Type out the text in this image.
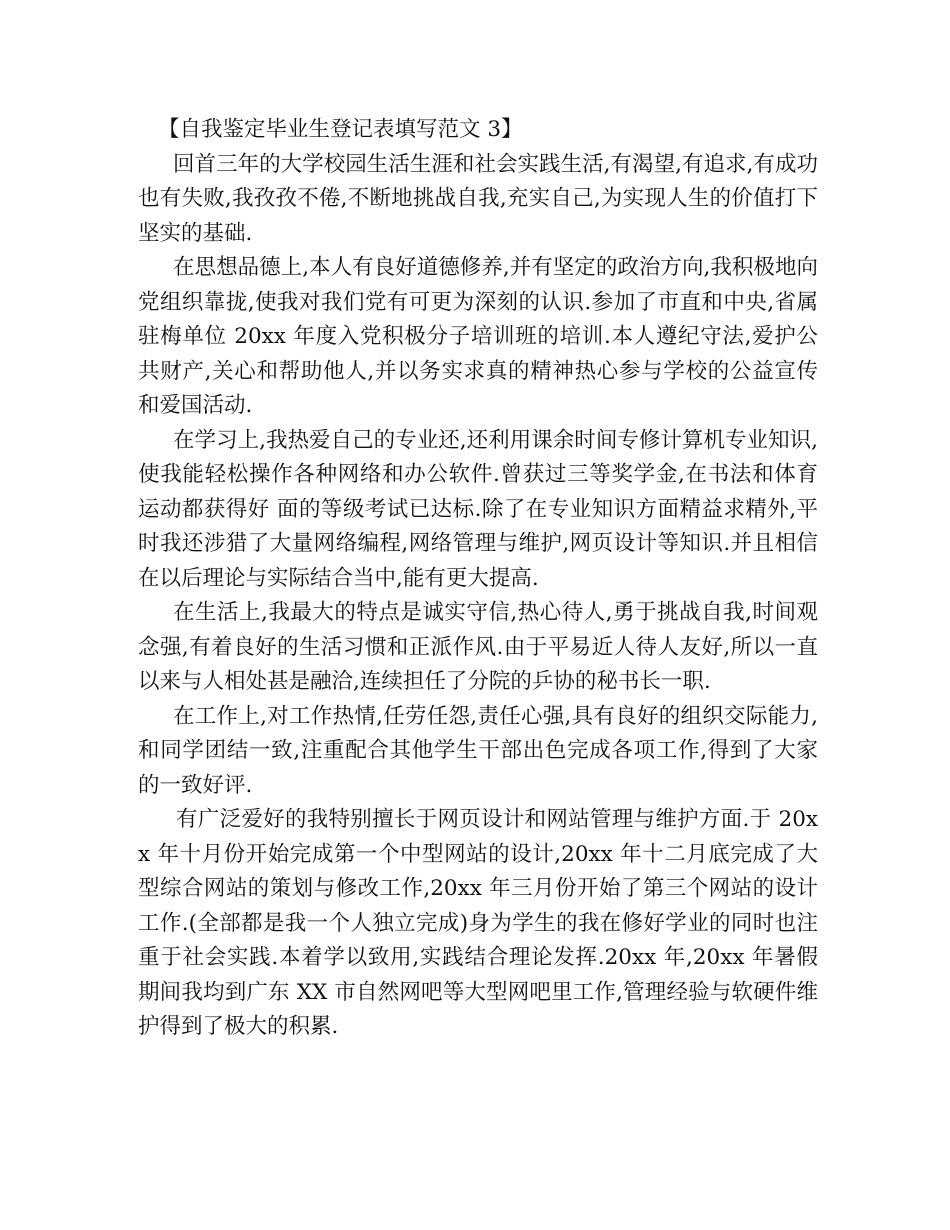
【自我鉴定毕业生登记表填写范文 3】

回首三年的大学校园生活生涯和社会实践生活,有渴望,有追求,有成功也有失败,我孜孜不倦,不断地挑战自我,充实自己,为实现人生的价值打下坚实的基础.

在思想品德上,本人有良好道德修养,并有坚定的政治方向,我积极地向党组织靠拢,使我对我们党有可更为深刻的认识.参加了市直和中央,省属驻梅单位 20xx 年度入党积极分子培训班的培训.本人遵纪守法,爱护公共财产,关心和帮助他人,并以务实求真的精神热心参与学校的公益宣传和爱国活动.

在学习上,我热爱自己的专业还,还利用课余时间专修计算机专业知识,使我能轻松操作各种网络和办公软件.曾获过三等奖学金,在书法和体育运动都获得好 面的等级考试已达标.除了在专业知识方面精益求精外,平时我还涉猎了大量网络编程,网络管理与维护,网页设计等知识.并且相信在以后理论与实际结合当中,能有更大提高.

在生活上,我最大的特点是诚实守信,热心待人,勇于挑战自我,时间观念强,有着良好的生活习惯和正派作风.由于平易近人待人友好,所以一直以来与人相处甚是融洽,连续担任了分院的乒协的秘书长一职.

在工作上,对工作热情,任劳任怨,责任心强,具有良好的组织交际能力,和同学团结一致,注重配合其他学生干部出色完成各项工作,得到了大家的一致好评.

有广泛爱好的我特别擅长于网页设计和网站管理与维护方面.于 20xx 年十月份开始完成第一个中型网站的设计,20xx 年十二月底完成了大型综合网站的策划与修改工作,20xx 年三月份开始了第三个网站的设计工作.(全部都是我一个人独立完成)身为学生的我在修好学业的同时也注重于社会实践.本着学以致用,实践结合理论发挥.20xx 年,20xx 年暑假期间我均到广东 XX 市自然网吧等大型网吧里工作,管理经验与软硬件维护得到了极大的积累.
